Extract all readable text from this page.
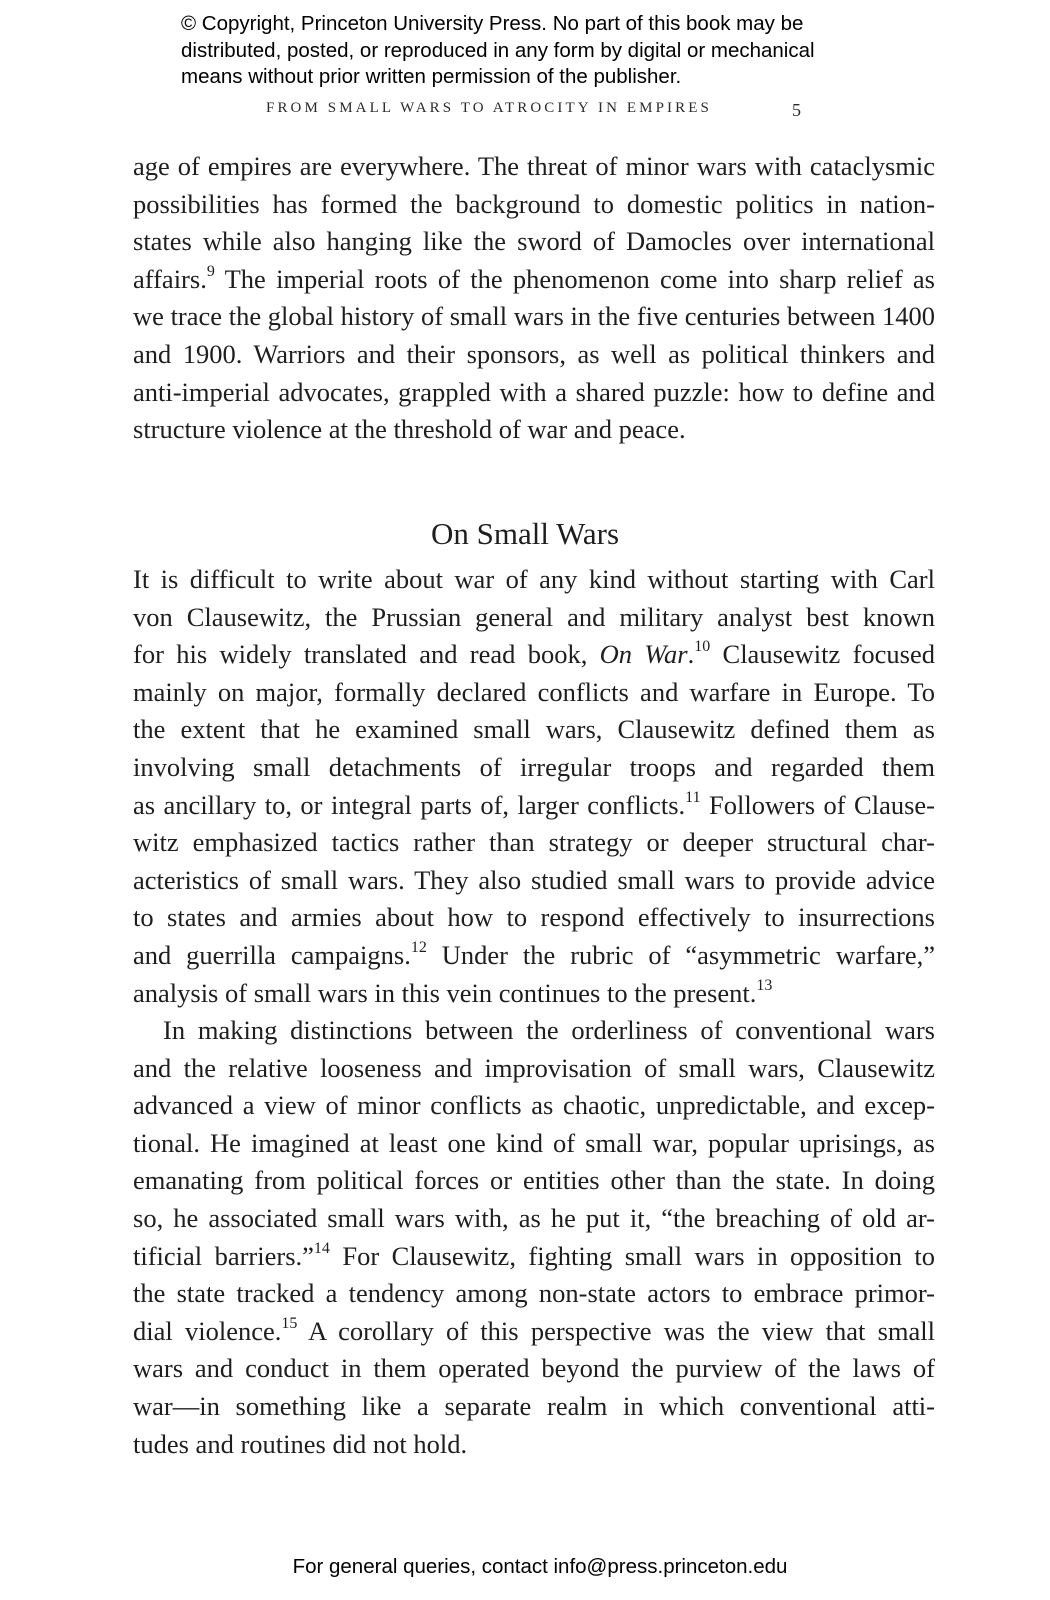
© Copyright, Princeton University Press. No part of this book may be
distributed, posted, or reproduced in any form by digital or mechanical
means without prior written permission of the publisher.
FROM SMALL WARS TO ATROCITY IN EMPIRES	5
age of empires are everywhere. The threat of minor wars with cataclysmic
possibilities has formed the background to domestic politics in nation-
states while also hanging like the sword of Damocles over international
affairs.$^9$ The imperial roots of the phenomenon come into sharp relief as
we trace the global history of small wars in the five centuries between 1400
and 1900. Warriors and their sponsors, as well as political thinkers and
anti-imperial advocates, grappled with a shared puzzle: how to define and
structure violence at the threshold of war and peace.
On Small Wars
It is difficult to write about war of any kind without starting with Carl
von Clausewitz, the Prussian general and military analyst best known
for his widely translated and read book, On War.$^{10}$ Clausewitz focused
mainly on major, formally declared conflicts and warfare in Europe. To
the extent that he examined small wars, Clausewitz defined them as
involving small detachments of irregular troops and regarded them
as ancillary to, or integral parts of, larger conflicts.$^{11}$ Followers of Clause-
witz emphasized tactics rather than strategy or deeper structural char-
acteristics of small wars. They also studied small wars to provide advice
to states and armies about how to respond effectively to insurrections
and guerrilla campaigns.$^{12}$ Under the rubric of “asymmetric warfare,”
analysis of small wars in this vein continues to the present.$^{13}$
In making distinctions between the orderliness of conventional wars
and the relative looseness and improvisation of small wars, Clausewitz
advanced a view of minor conflicts as chaotic, unpredictable, and excep-
tional. He imagined at least one kind of small war, popular uprisings, as
emanating from political forces or entities other than the state. In doing
so, he associated small wars with, as he put it, “the breaching of old ar-
tificial barriers.”$^{14}$ For Clausewitz, fighting small wars in opposition to
the state tracked a tendency among non-state actors to embrace primor-
dial violence.$^{15}$ A corollary of this perspective was the view that small
wars and conduct in them operated beyond the purview of the laws of
war—in something like a separate realm in which conventional atti-
tudes and routines did not hold.
For general queries, contact info@press.princeton.edu
